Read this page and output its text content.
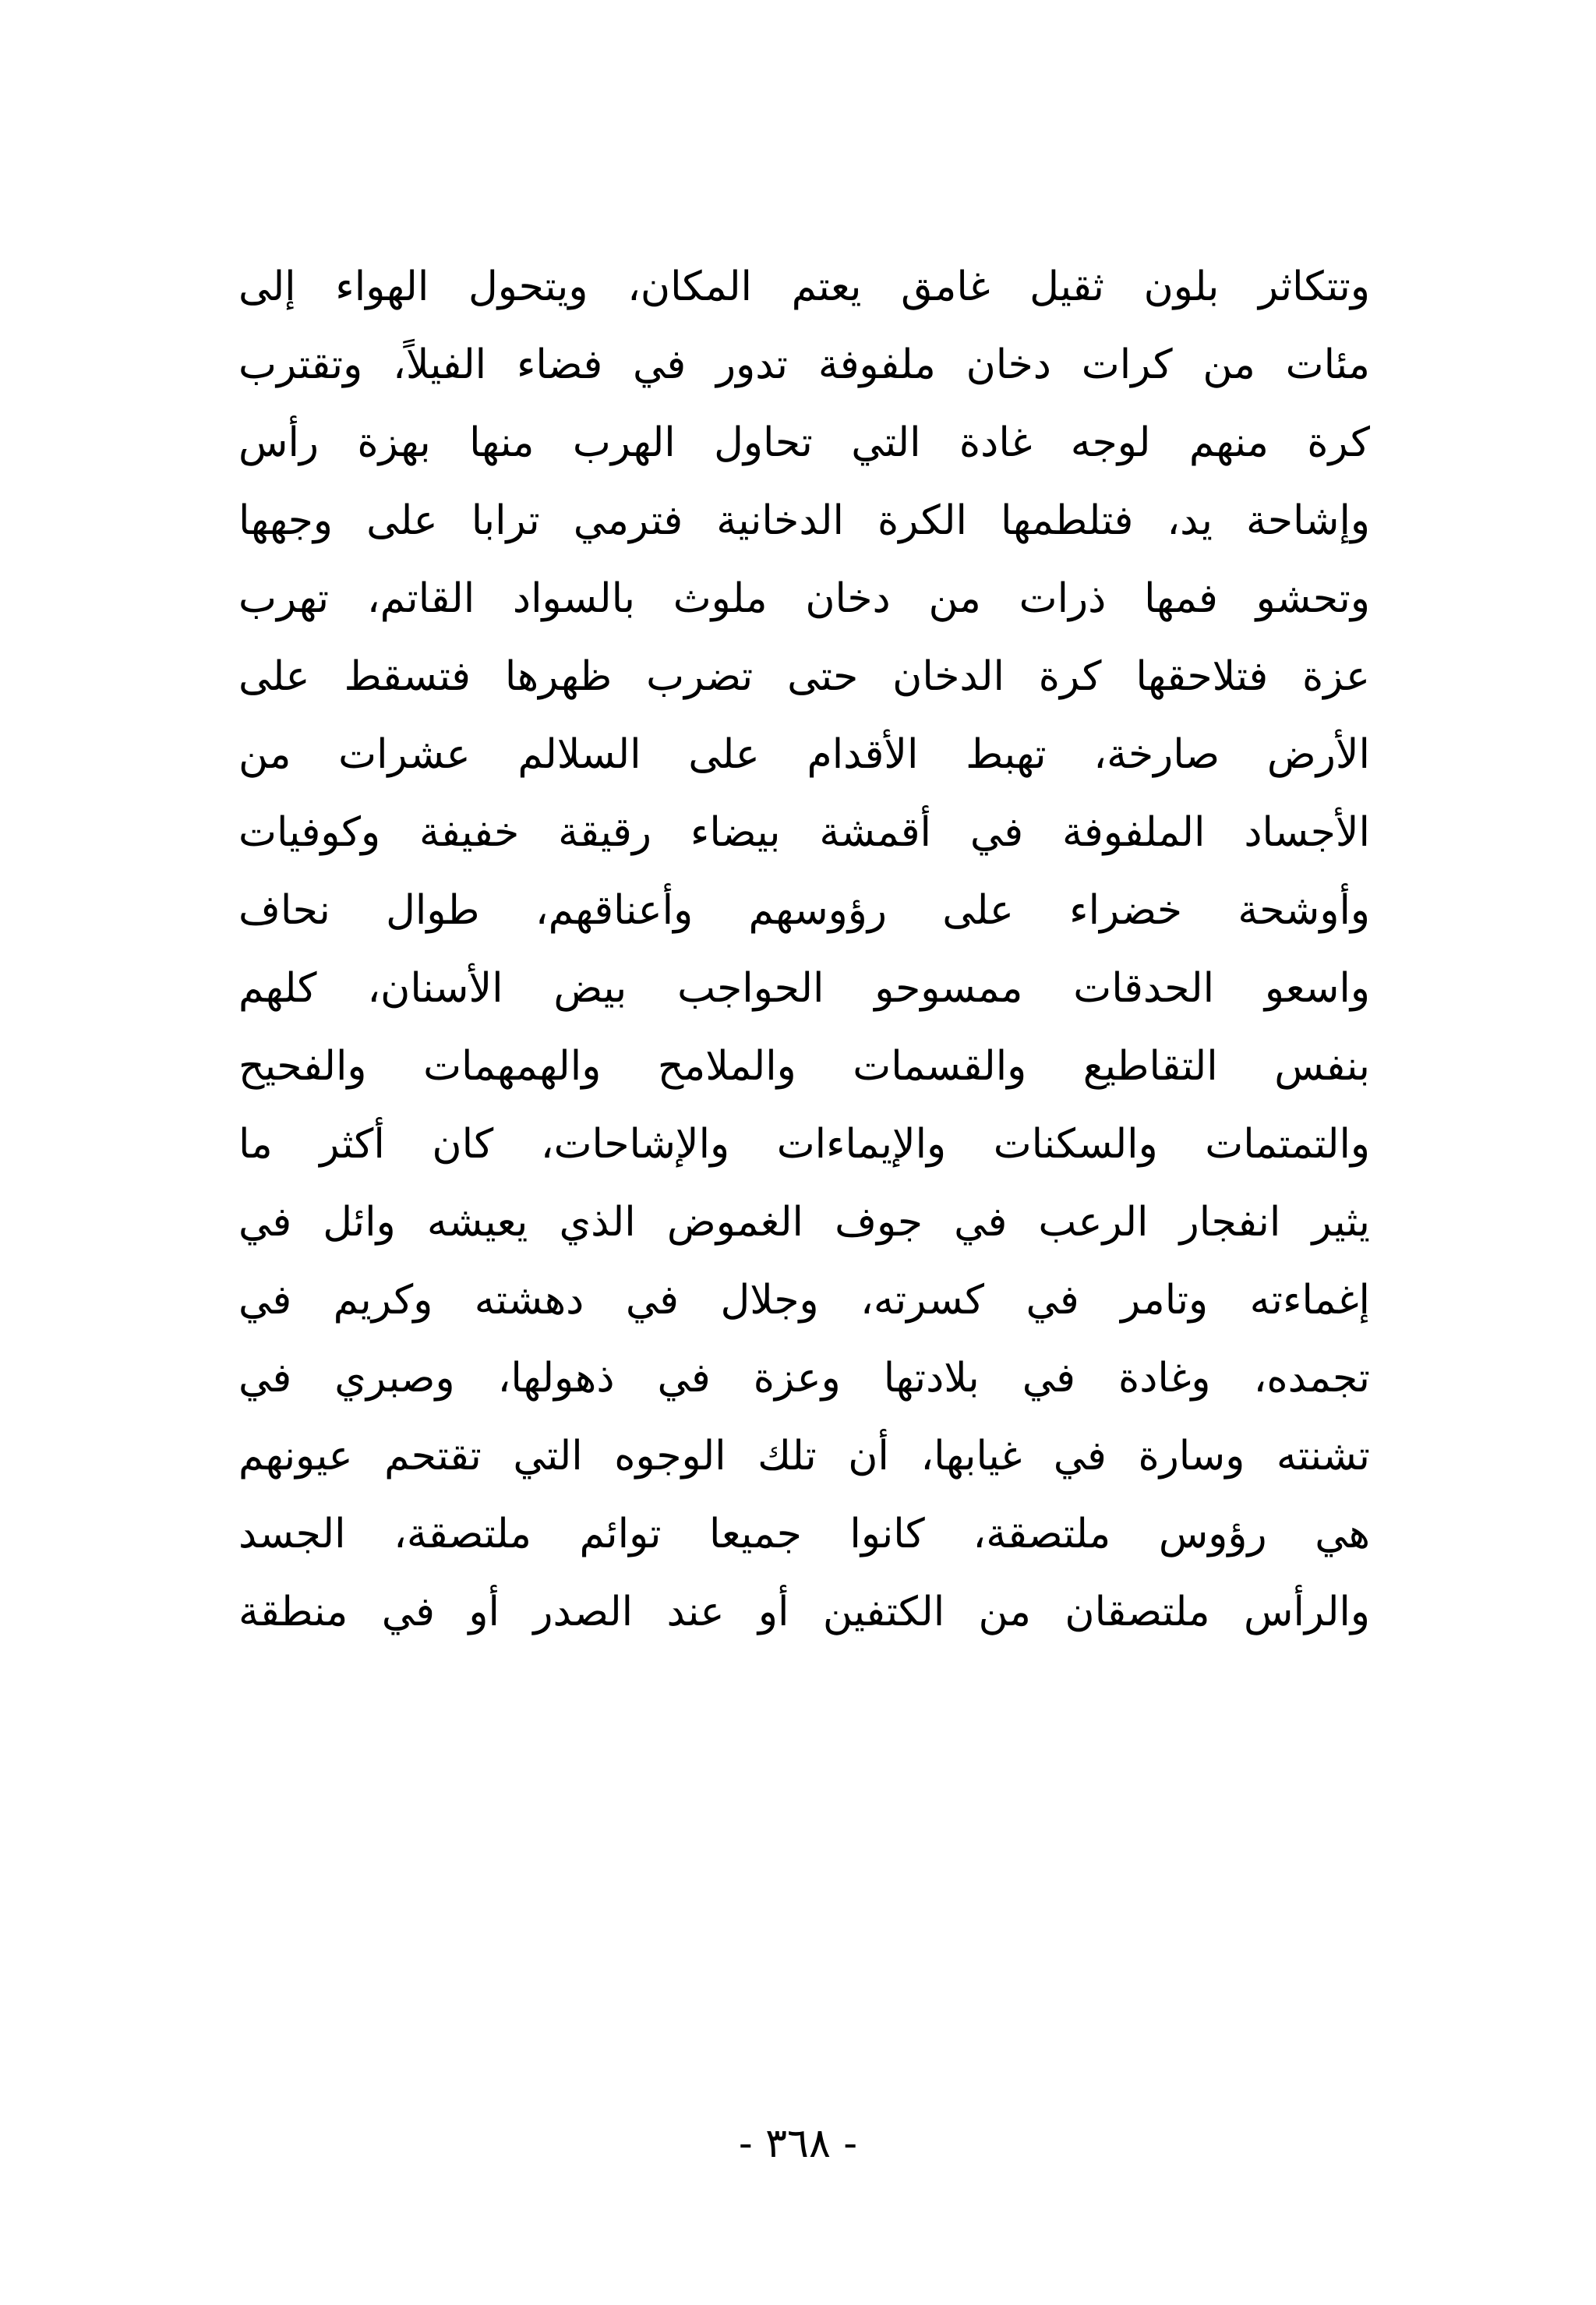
وتتكاثر بلون ثقيل غامق يعتم المكان، ويتحول الهواء إلى
مئات من كرات دخان ملفوفة تدور في فضاء الفيلاً، وتقترب
كرة منهم لوجه غادة التي تحاول الهرب منها بهزة رأس
وإشاحة يد، فتلطمها الكرة الدخانية فترمي ترابا على وجهها
وتحشو فمها ذرات من دخان ملوث بالسواد القاتم، تهرب
عزة فتلاحقها كرة الدخان حتى تضرب ظهرها فتسقط على
الأرض صارخة، تهبط الأقدام على السلالم عشرات من
الأجساد الملفوفة في أقمشة بيضاء رقيقة خفيفة وكوفيات
وأوشحة خضراء على رؤوسهم وأعناقهم، طوال نحاف
واسعو الحدقات ممسوحو الحواجب بيض الأسنان، كلهم
بنفس التقاطيع والقسمات والملامح والهمهمات والفحيح
والتمتمات والسكنات والإيماءات والإشاحات، كان أكثر ما
يثير انفجار الرعب في جوف الغموض الذي يعيشه وائل في
إغماءته وتامر في كسرته، وجلال في دهشته وكريم في
تجمده، وغادة في بلادتها وعزة في ذهولها، وصبري في
تشنته وسارة في غيابها، أن تلك الوجوه التي تقتحم عيونهم
هي رؤوس ملتصقة، كانوا جميعا توائم ملتصقة، الجسد
والرأس ملتصقان من الكتفين أو عند الصدر أو في منطقة
- ٣٦٨ -
